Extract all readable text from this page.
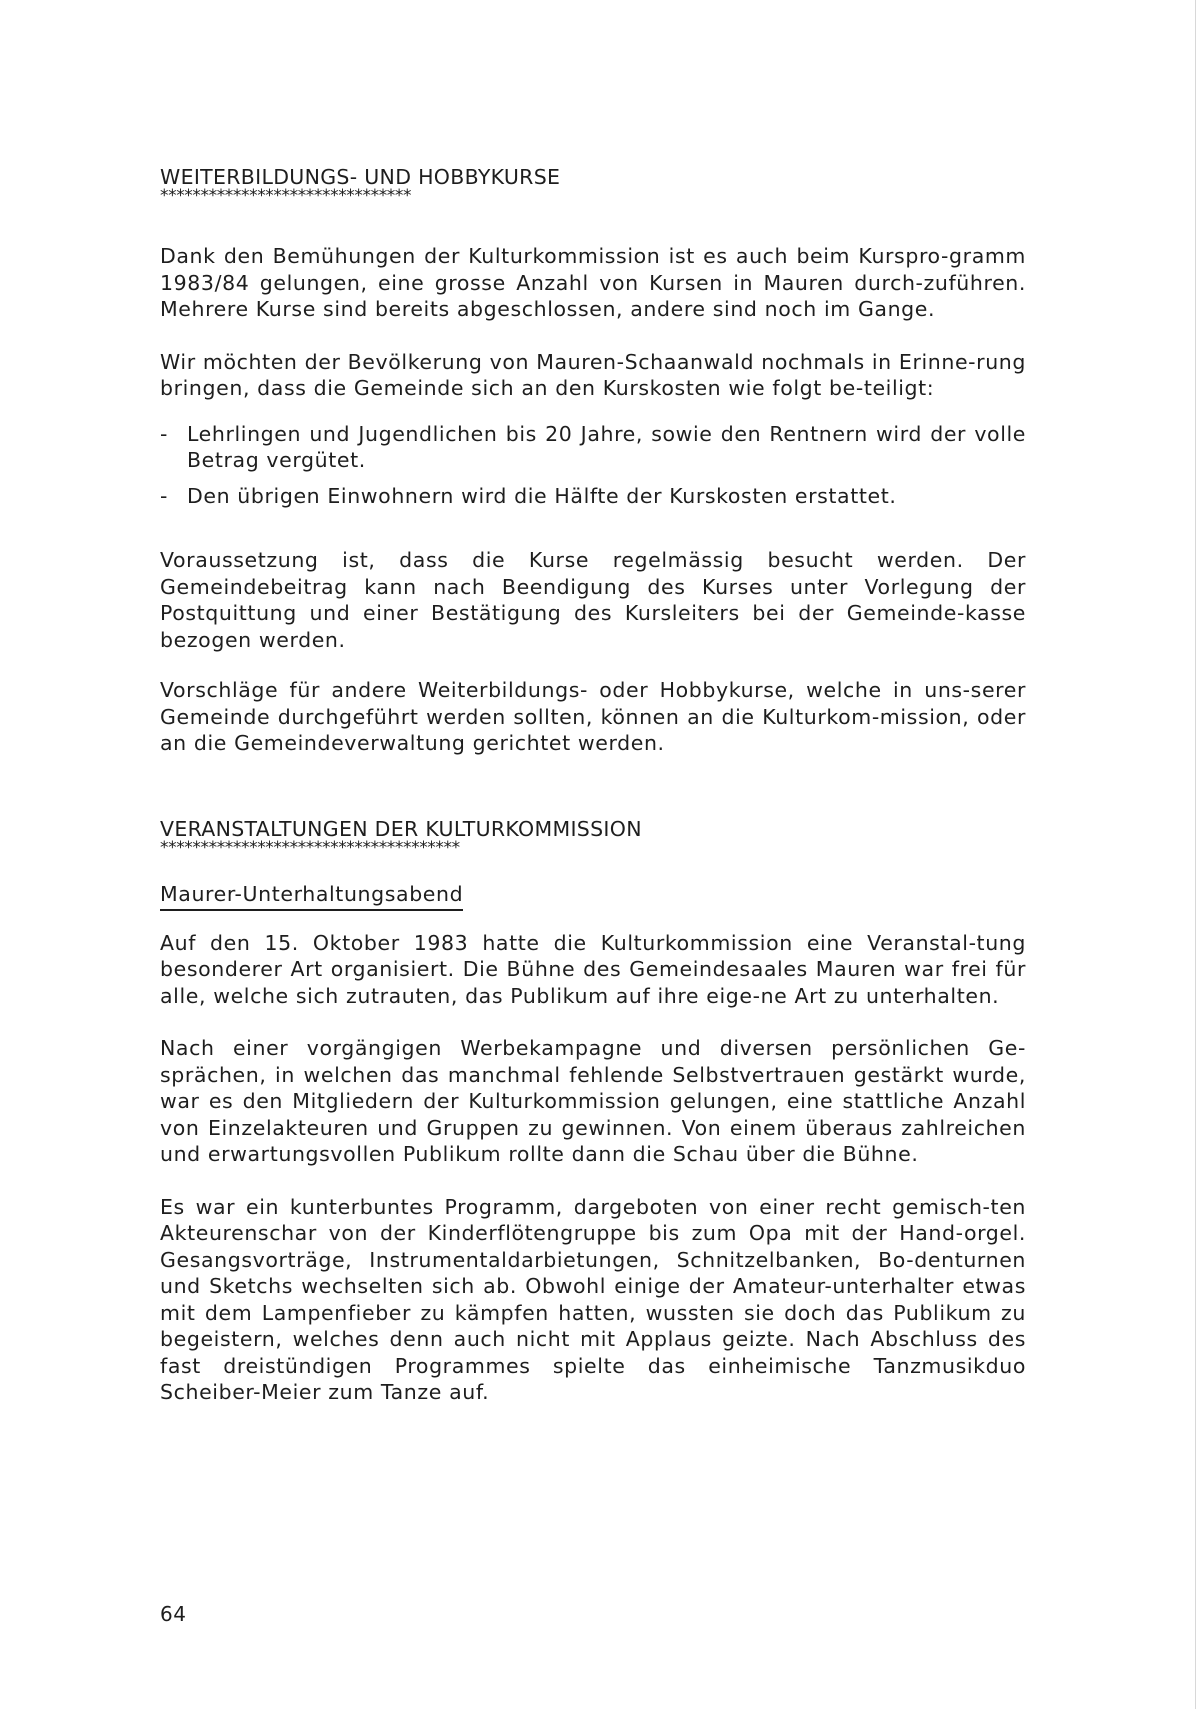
WEITERBILDUNGS- UND HOBBYKURSE
*******************************

Dank den Bemühungen der Kulturkommission ist es auch beim Kurspro-gramm 1983/84 gelungen, eine grosse Anzahl von Kursen in Mauren durch-zuführen. Mehrere Kurse sind bereits abgeschlossen, andere sind noch im Gange.

Wir möchten der Bevölkerung von Mauren-Schaanwald nochmals in Erinne-rung bringen, dass die Gemeinde sich an den Kurskosten wie folgt be-teiligt:

- Lehrlingen und Jugendlichen bis 20 Jahre, sowie den Rentnern wird der volle Betrag vergütet.
- Den übrigen Einwohnern wird die Hälfte der Kurskosten erstattet.

Voraussetzung ist, dass die Kurse regelmässig besucht werden. Der Gemeindebeitrag kann nach Beendigung des Kurses unter Vorlegung der Postquittung und einer Bestätigung des Kursleiters bei der Gemeinde-kasse bezogen werden.

Vorschläge für andere Weiterbildungs- oder Hobbykurse, welche in uns-serer Gemeinde durchgeführt werden sollten, können an die Kulturkom-mission, oder an die Gemeindeverwaltung gerichtet werden.

VERANSTALTUNGEN DER KULTURKOMMISSION
*************************************
Maurer-Unterhaltungsabend

Auf den 15. Oktober 1983 hatte die Kulturkommission eine Veranstal-tung besonderer Art organisiert. Die Bühne des Gemeindesaales Mauren war frei für alle, welche sich zutrauten, das Publikum auf ihre eige-ne Art zu unterhalten.

Nach einer vorgängigen Werbekampagne und diversen persönlichen Ge-sprächen, in welchen das manchmal fehlende Selbstvertrauen gestärkt wurde, war es den Mitgliedern der Kulturkommission gelungen, eine stattliche Anzahl von Einzelakteuren und Gruppen zu gewinnen. Von einem überaus zahlreichen und erwartungsvollen Publikum rollte dann die Schau über die Bühne.

Es war ein kunterbuntes Programm, dargeboten von einer recht gemisch-ten Akteurenschar von der Kinderflötengruppe bis zum Opa mit der Hand-orgel. Gesangsvorträge, Instrumentaldarbietungen, Schnitzelbanken, Bo-denturnen und Sketchs wechselten sich ab. Obwohl einige der Amateur-unterhalter etwas mit dem Lampenfieber zu kämpfen hatten, wussten sie doch das Publikum zu begeistern, welches denn auch nicht mit Applaus geizte. Nach Abschluss des fast dreistündigen Programmes spielte das einheimische Tanzmusikduo Scheiber-Meier zum Tanze auf.

64
